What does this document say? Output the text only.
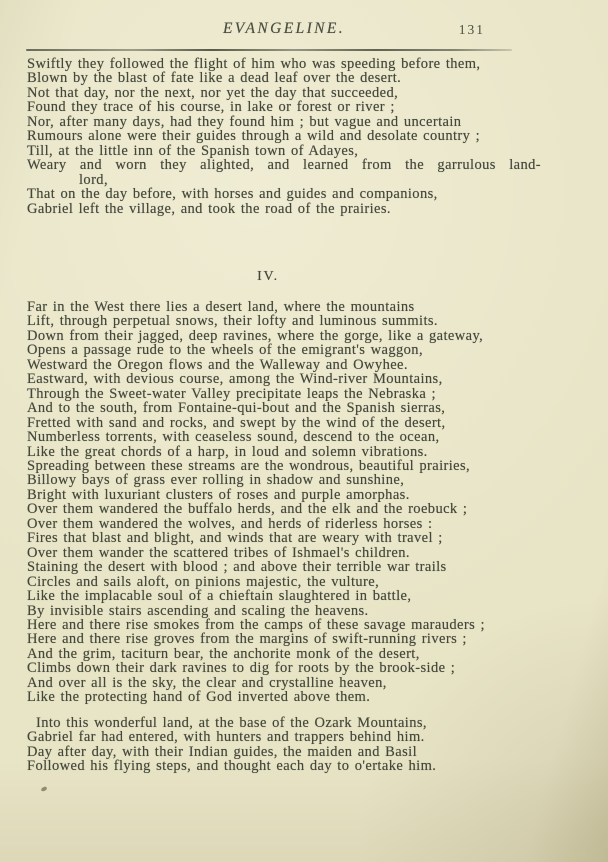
EVANGELINE.	131
Swiftly they followed the flight of him who was speeding before them,
Blown by the blast of fate like a dead leaf over the desert.
Not that day, nor the next, nor yet the day that succeeded,
Found they trace of his course, in lake or forest or river ;
Nor, after many days, had they found him ; but vague and uncertain
Rumours alone were their guides through a wild and desolate country ;
Till, at the little inn of the Spanish town of Adayes,
Weary and worn they alighted, and learned from the garrulous land-
lord,
That on the day before, with horses and guides and companions,
Gabriel left the village, and took the road of the prairies.
IV.
Far in the West there lies a desert land, where the mountains
Lift, through perpetual snows, their lofty and luminous summits.
Down from their jagged, deep ravines, where the gorge, like a gateway,
Opens a passage rude to the wheels of the emigrant's waggon,
Westward the Oregon flows and the Walleway and Owyhee.
Eastward, with devious course, among the Wind-river Mountains,
Through the Sweet-water Valley precipitate leaps the Nebraska ;
And to the south, from Fontaine-qui-bout and the Spanish sierras,
Fretted with sand and rocks, and swept by the wind of the desert,
Numberless torrents, with ceaseless sound, descend to the ocean,
Like the great chords of a harp, in loud and solemn vibrations.
Spreading between these streams are the wondrous, beautiful prairies,
Billowy bays of grass ever rolling in shadow and sunshine,
Bright with luxuriant clusters of roses and purple amorphas.
Over them wandered the buffalo herds, and the elk and the roebuck ;
Over them wandered the wolves, and herds of riderless horses :
Fires that blast and blight, and winds that are weary with travel ;
Over them wander the scattered tribes of Ishmael's children.
Staining the desert with blood ; and above their terrible war trails
Circles and sails aloft, on pinions majestic, the vulture,
Like the implacable soul of a chieftain slaughtered in battle,
By invisible stairs ascending and scaling the heavens.
Here and there rise smokes from the camps of these savage marauders ;
Here and there rise groves from the margins of swift-running rivers ;
And the grim, taciturn bear, the anchorite monk of the desert,
Climbs down their dark ravines to dig for roots by the brook-side ;
And over all is the sky, the clear and crystalline heaven,
Like the protecting hand of God inverted above them.
Into this wonderful land, at the base of the Ozark Mountains,
Gabriel far had entered, with hunters and trappers behind him.
Day after day, with their Indian guides, the maiden and Basil
Followed his flying steps, and thought each day to o'ertake him.
